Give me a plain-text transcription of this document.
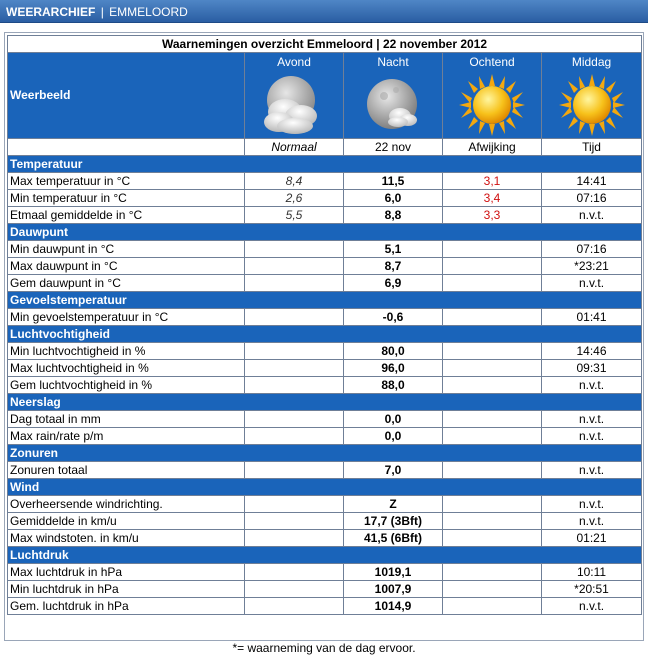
WEERARCHIEF | EMMELOORD
Waarnemingen overzicht Emmeloord | 22 november 2012				
Weerbeeld	Avond	Nacht	Ochtend	Middag

	Normaal	22 nov	Afwijking	Tijd
Temperatuur				
Max temperatuur in °C	8,4	11,5	3,1	14:41
Min temperatuur in °C	2,6	6,0	3,4	07:16
Etmaal gemiddelde in °C	5,5	8,8	3,3	n.v.t.
Dauwpunt				
Min dauwpunt in °C		5,1		07:16
Max dauwpunt in °C		8,7		*23:21
Gem dauwpunt in °C		6,9		n.v.t.
Gevoelstemperatuur				
Min gevoelstemperatuur in °C		-0,6		01:41
Luchtvochtigheid				
Min luchtvochtigheid in %		80,0		14:46
Max luchtvochtigheid in %		96,0		09:31
Gem luchtvochtigheid in %		88,0		n.v.t.
Neerslag				
Dag totaal in mm		0,0		n.v.t.
Max rain/rate p/m		0,0		n.v.t.
Zonuren				
Zonuren totaal		7,0		n.v.t.
Wind				
Overheersende windrichting.		Z		n.v.t.
Gemiddelde in km/u		17,7 (3Bft)		n.v.t.
Max windstoten. in km/u		41,5 (6Bft)		01:21
Luchtdruk				
Max luchtdruk in hPa		1019,1		10:11
Min luchtdruk in hPa		1007,9		*20:51
Gem. luchtdruk in hPa		1014,9		n.v.t.
*= waarneming van de dag ervoor.
